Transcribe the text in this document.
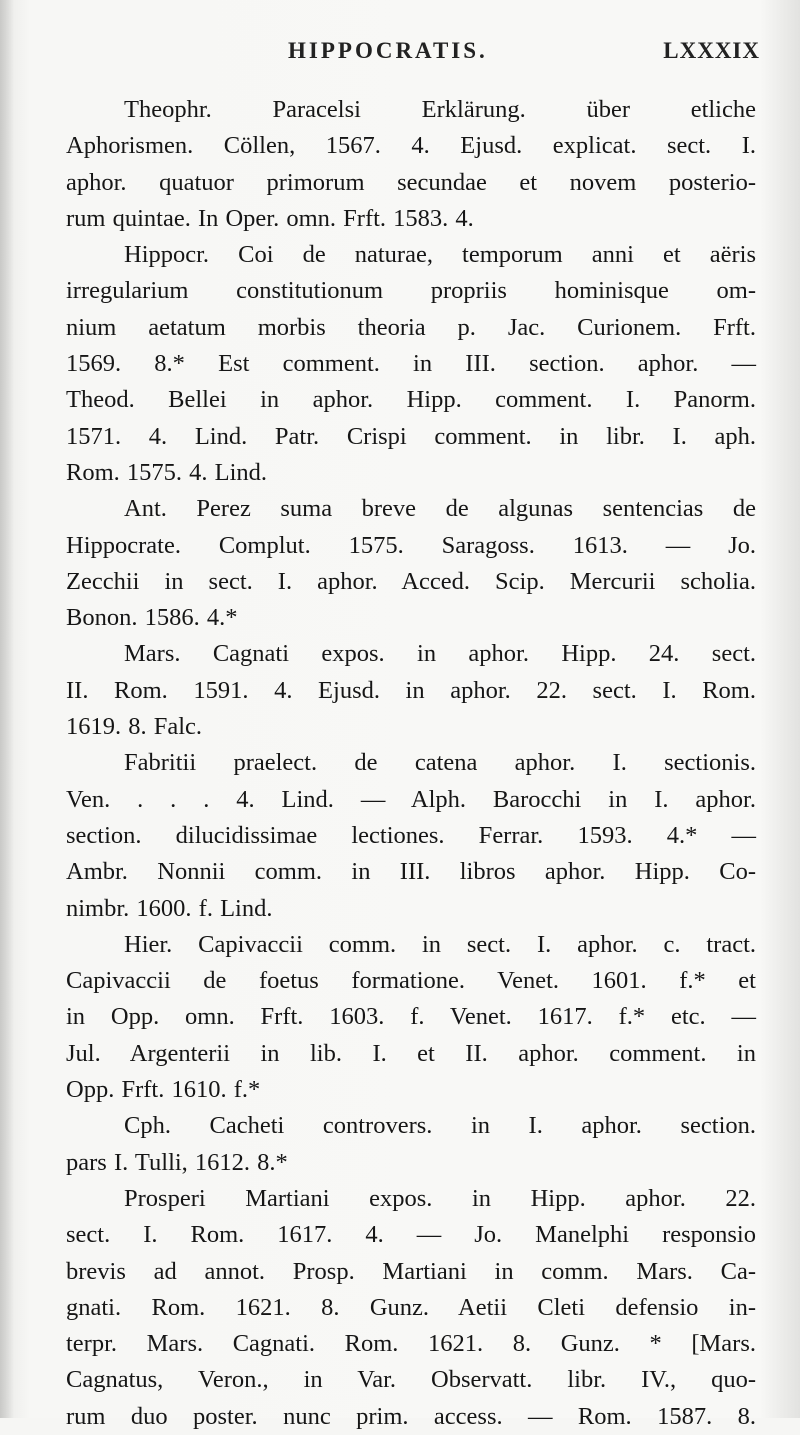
HIPPOCRATIS.	LXXXIX
Theophr. Paracelsi Erklärung. über etliche
Aphorismen. Cöllen, 1567. 4. Ejusd. explicat. sect. I.
aphor. quatuor primorum secundae et novem posterio-
rum quintae. In Oper. omn. Frft. 1583. 4.
Hippocr. Coi de naturae, temporum anni et aëris
irregularium constitutionum propriis hominisque om-
nium aetatum morbis theoria p. Jac. Curionem. Frft.
1569. 8.* Est comment. in III. section. aphor. —
Theod. Bellei in aphor. Hipp. comment. I. Panorm.
1571. 4. Lind. Patr. Crispi comment. in libr. I. aph.
Rom. 1575. 4. Lind.
Ant. Perez suma breve de algunas sentencias de
Hippocrate. Complut. 1575. Saragoss. 1613. — Jo.
Zecchii in sect. I. aphor. Acced. Scip. Mercurii scholia.
Bonon. 1586. 4.*
Mars. Cagnati expos. in aphor. Hipp. 24. sect.
II. Rom. 1591. 4. Ejusd. in aphor. 22. sect. I. Rom.
1619. 8. Falc.
Fabritii praelect. de catena aphor. I. sectionis.
Ven. . . . 4. Lind. — Alph. Barocchi in I. aphor.
section. dilucidissimae lectiones. Ferrar. 1593. 4.* —
Ambr. Nonnii comm. in III. libros aphor. Hipp. Co-
nimbr. 1600. f. Lind.
Hier. Capivaccii comm. in sect. I. aphor. c. tract.
Capivaccii de foetus formatione. Venet. 1601. f.* et
in Opp. omn. Frft. 1603. f. Venet. 1617. f.* etc. —
Jul. Argenterii in lib. I. et II. aphor. comment. in
Opp. Frft. 1610. f.*
Cph. Cacheti controvers. in I. aphor. section.
pars I. Tulli, 1612. 8.*
Prosperi Martiani expos. in Hipp. aphor. 22.
sect. I. Rom. 1617. 4. — Jo. Manelphi responsio
brevis ad annot. Prosp. Martiani in comm. Mars. Ca-
gnati. Rom. 1621. 8. Gunz. Aetii Cleti defensio in-
terpr. Mars. Cagnati. Rom. 1621. 8. Gunz. * [Mars.
Cagnatus, Veron., in Var. Observatt. libr. IV., quo-
rum duo poster. nunc prim. access. — Rom. 1587. 8.
